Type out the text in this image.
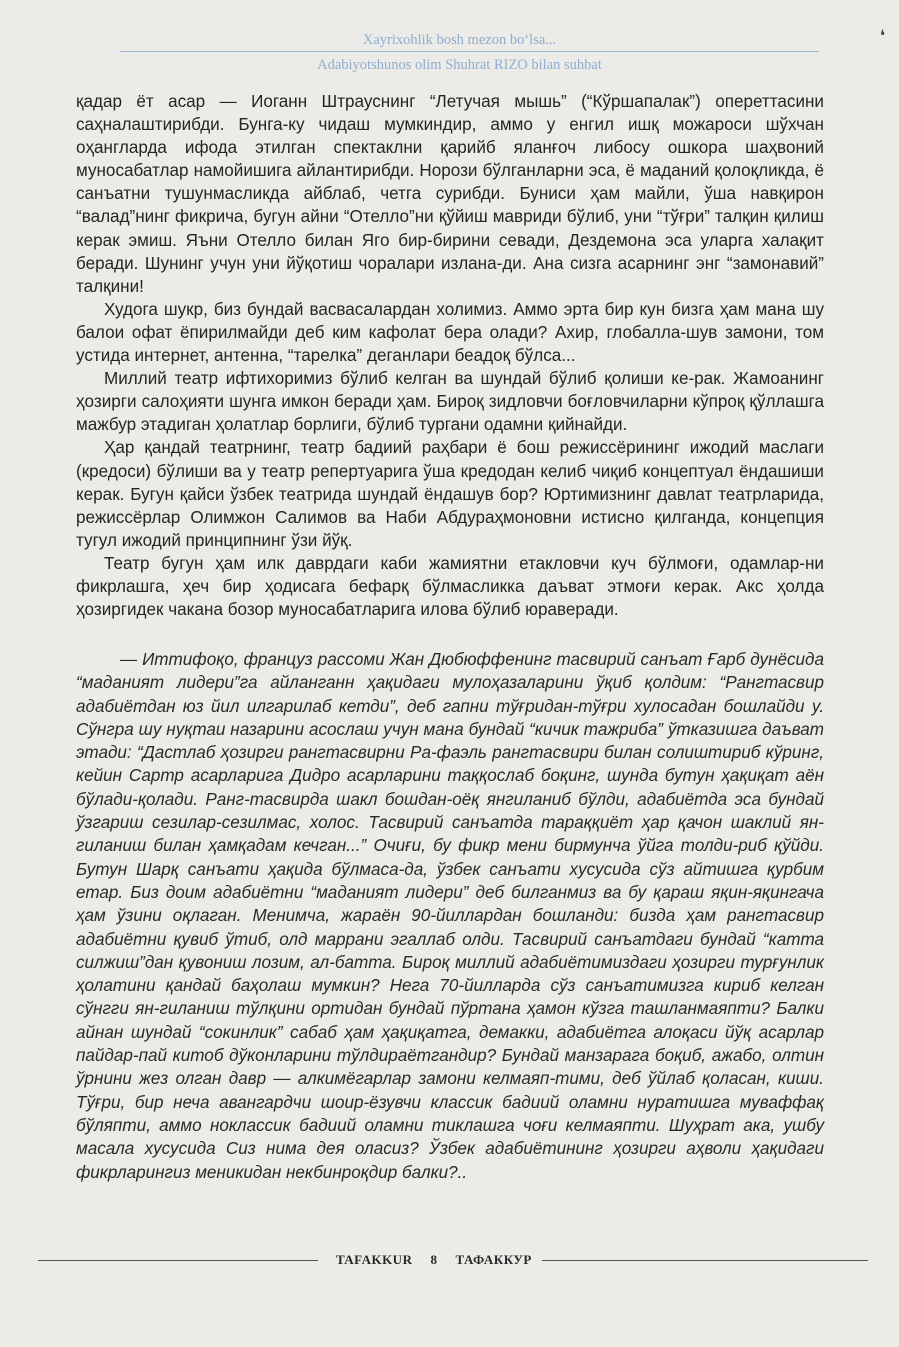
❛
Xayrixohlik bosh mezon bo‘lsa...
Adabiyotshunos olim Shuhrat RIZO bilan suhbat

қадар ёт асар — Иоганн Штрауснинг “Летучая мышь” (“Кўршапалак”) опереттасини саҳналаштирибди. Бунга-ку чидаш мумкиндир, аммо у енгил ишқ можароси шўхчан оҳангларда ифода этилган спектаклни қарийб яланғоч либосу ошкора шаҳвоний муносабатлар намойишига айлантирибди. Норози бўлганларни эса, ё маданий қолоқликда, ё санъатни тушунмасликда айблаб, четга сурибди. Буниси ҳам майли, ўша навқирон “валад”нинг фикрича, бугун айни “Отелло”ни қўйиш мавриди бўлиб, уни “тўғри” талқин қилиш керак эмиш. Яъни Отелло билан Яго бир-бирини севади, Дездемона эса уларга халақит беради. Шунинг учун уни йўқотиш чоралари излана-ди. Ана сизга асарнинг энг “замонавий” талқини!

Худога шукр, биз бундай васвасалардан холимиз. Аммо эрта бир кун бизга ҳам мана шу балои офат ёпирилмайди деб ким кафолат бера олади? Ахир, глобалла-шув замони, том устида интернет, антенна, “тарелка” деганлари беадоқ бўлса...

Миллий театр ифтихоримиз бўлиб келган ва шундай бўлиб қолиши ке-рак. Жамоанинг ҳозирги салоҳияти шунга имкон беради ҳам. Бироқ зидловчи боғловчиларни кўпроқ қўллашга мажбур этадиган ҳолатлар борлиги, бўлиб тургани одамни қийнайди.

Ҳар қандай театрнинг, театр бадиий раҳбари ё бош режиссёрининг ижодий маслаги (кредоси) бўлиши ва у театр репертуарига ўша кредодан келиб чиқиб концептуал ёндашиши керак. Бугун қайси ўзбек театрида шундай ёндашув бор? Юртимизнинг давлат театрларида, режиссёрлар Олимжон Салимов ва Наби Абдураҳмоновни истисно қилганда, концепция тугул ижодий принципнинг ўзи йўқ.

Театр бугун ҳам илк даврдаги каби жамиятни етакловчи куч бўлмоғи, одамлар-ни фикрлашга, ҳеч бир ҳодисага бефарқ бўлмасликка даъват этмоғи керак. Акс ҳолда ҳозиргидек чакана бозор муносабатларига илова бўлиб юраверади.

— Иттифоқо, француз рассоми Жан Дюбюффенинг тасвирий санъат Ғарб дунёсида “маданият лидери”га айланганн ҳақидаги мулоҳазаларини ўқиб қолдим: “Рангтасвир адабиётдан юз йил илгарилаб кетди”, деб гапни тўғридан-тўғри хулосадан бошлайди у. Сўнгра шу нуқтаи назарини асослаш учун мана бундай “кичик тажриба” ўтказишга даъват этади: “Дастлаб ҳозирги рангтасвирни Ра-фаэль рангтасвири билан солиштириб кўринг, кейин Сартр асарларига Дидро асарларини таққослаб боқинг, шунда бутун ҳақиқат аён бўлади-қолади. Ранг-тасвирда шакл бошдан-оёқ янгиланиб бўлди, адабиётда эса бундай ўзгариш сезилар-сезилмас, холос. Тасвирий санъатда тараққиёт ҳар қачон шаклий ян-гиланиш билан ҳамқадам кечган...” Очиғи, бу фикр мени бирмунча ўйга толди-риб қўйди. Бутун Шарқ санъати ҳақида бўлмаса-да, ўзбек санъати хусусида сўз айтишга қурбим етар. Биз доим адабиётни “маданият лидери” деб билганмиз ва бу қараш яқин-яқингача ҳам ўзини оқлаган. Менимча, жараён 90-йиллардан бошланди: бизда ҳам рангтасвир адабиётни қувиб ўтиб, олд маррани эгаллаб олди. Тасвирий санъатдаги бундай “катта силжиш”дан қувониш лозим, ал-батта. Бироқ миллий адабиётимиздаги ҳозирги турғунлик ҳолатини қандай баҳолаш мумкин? Нега 70-йилларда сўз санъатимизга кириб келган сўнгги ян-гиланиш тўлқини ортидан бундай пўртана ҳамон кўзга ташланмаяпти? Балки айнан шундай “сокинлик” сабаб ҳам ҳақиқатга, демакки, адабиётга алоқаси йўқ асарлар пайдар-пай китоб дўконларини тўлдираётгандир? Бундай манзарага боқиб, ажабо, олтин ўрнини жез олган давр — алкимёгарлар замони келмаяп-тими, деб ўйлаб қоласан, киши. Тўғри, бир неча авангардчи шоир-ёзувчи классик бадиий оламни нуратишга муваффақ бўляпти, аммо ноклассик бадиий оламни тиклашга чоғи келмаяпти. Шуҳрат ака, ушбу масала хусусида Сиз нима дея оласиз? Ўзбек адабиётининг ҳозирги аҳволи ҳақидаги фикрларингиз меникидан некбинроқдир балки?..

TAFAKKUR 8 ТАФАККУР
